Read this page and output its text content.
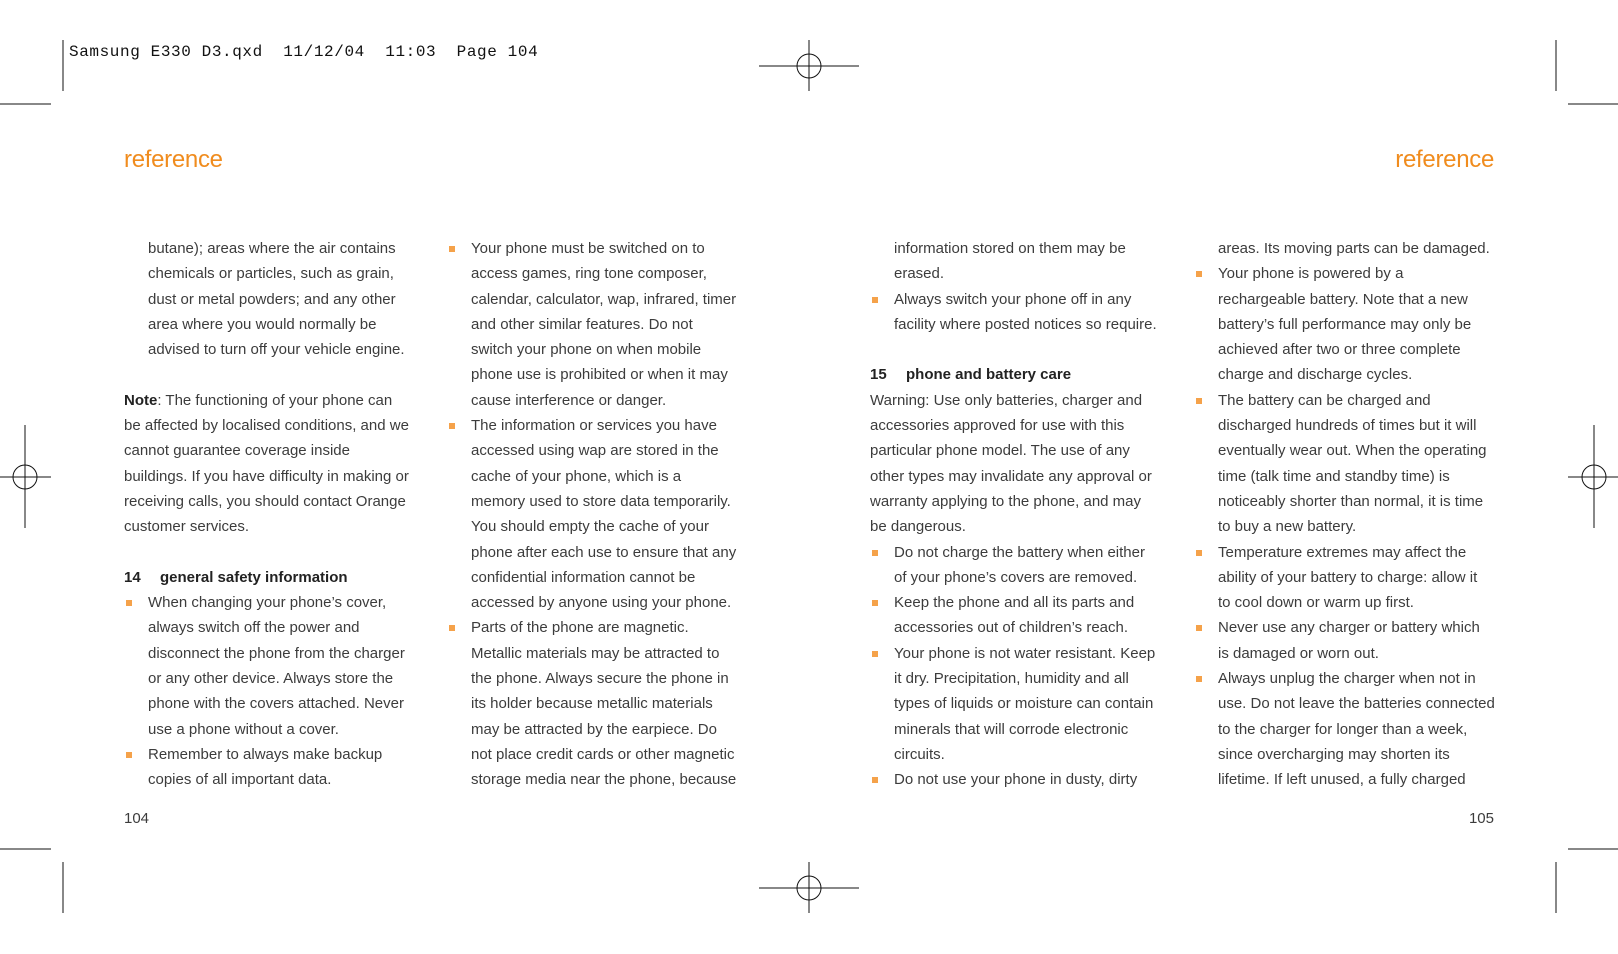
Samsung E330 D3.qxd  11/12/04  11:03  Page 104
reference	reference

butane); areas where the air contains

chemicals or particles, such as grain,

dust or metal powders; and any other

area where you would normally be

advised to turn off your vehicle engine.

Note: The functioning of your phone can

be affected by localised conditions, and we

cannot guarantee coverage inside

buildings. If you have difficulty in making or

receiving calls, you should contact Orange

customer services.

14 general safety information

When changing your phone’s cover,

always switch off the power and

disconnect the phone from the charger

or any other device. Always store the

phone with the covers attached. Never

use a phone without a cover.

Remember to always make backup

copies of all important data.

Your phone must be switched on to

access games, ring tone composer,

calendar, calculator, wap, infrared, timer

and other similar features. Do not

switch your phone on when mobile

phone use is prohibited or when it may

cause interference or danger.

The information or services you have

accessed using wap are stored in the

cache of your phone, which is a

memory used to store data temporarily.

You should empty the cache of your

phone after each use to ensure that any

confidential information cannot be

accessed by anyone using your phone.

Parts of the phone are magnetic.

Metallic materials may be attracted to

the phone. Always secure the phone in

its holder because metallic materials

may be attracted by the earpiece. Do

not place credit cards or other magnetic

storage media near the phone, because

information stored on them may be

erased.

Always switch your phone off in any

facility where posted notices so require.

15 phone and battery care

Warning: Use only batteries, charger and

accessories approved for use with this

particular phone model. The use of any

other types may invalidate any approval or

warranty applying to the phone, and may

be dangerous.

Do not charge the battery when either

of your phone’s covers are removed.

Keep the phone and all its parts and

accessories out of children’s reach.

Your phone is not water resistant. Keep

it dry. Precipitation, humidity and all

types of liquids or moisture can contain

minerals that will corrode electronic

circuits.

Do not use your phone in dusty, dirty

areas. Its moving parts can be damaged.

Your phone is powered by a

rechargeable battery. Note that a new

battery’s full performance may only be

achieved after two or three complete

charge and discharge cycles.

The battery can be charged and

discharged hundreds of times but it will

eventually wear out. When the operating

time (talk time and standby time) is

noticeably shorter than normal, it is time

to buy a new battery.

Temperature extremes may affect the

ability of your battery to charge: allow it

to cool down or warm up first.

Never use any charger or battery which

is damaged or worn out.

Always unplug the charger when not in

use. Do not leave the batteries connected

to the charger for longer than a week,

since overcharging may shorten its

lifetime. If left unused, a fully charged

104	105
